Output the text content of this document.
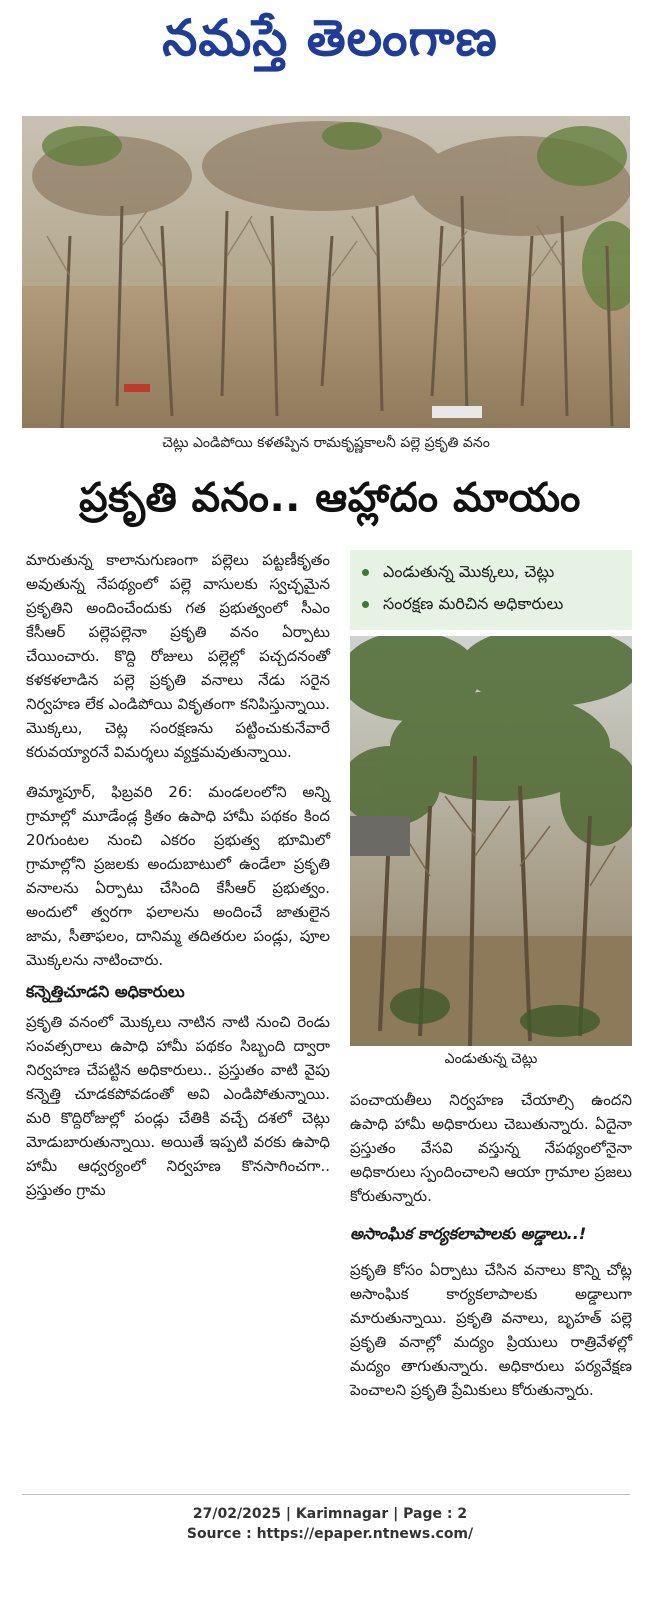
నమస్తే తెలంగాణ
చెట్లు ఎండిపోయి కళతప్పిన రామకృష్ణకాలనీ పల్లె ప్రకృతి వనం
ప్రకృతి వనం.. ఆహ్లాదం మాయం

మారుతున్న కాలానుగుణంగా పల్లెలు పట్టణీకృతం అవుతున్న నేపథ్యంలో పల్లె వాసులకు స్వచ్ఛమైన ప్రకృతిని అందించేందుకు గత ప్రభుత్వంలో సీఎం కేసీఆర్ పల్లెపల్లెనా ప్రకృతి వనం ఏర్పాటు చేయించారు. కొద్ది రోజులు పల్లెల్లో పచ్చదనంతో కళకళలాడిన పల్లె ప్రకృతి వనాలు నేడు సరైన నిర్వహణ లేక ఎండిపోయి వికృతంగా కనిపిస్తున్నాయి. మొక్కలు, చెట్ల సంరక్షణను పట్టించుకునేవారే కరువయ్యారనే విమర్శలు వ్యక్తమవుతున్నాయి.

తిమ్మాపూర్, ఫిబ్రవరి 26: మండలంలోని అన్ని గ్రామాల్లో మూడేండ్ల క్రితం ఉపాధి హామీ పథకం కింద 20గుంటల నుంచి ఎకరం ప్రభుత్వ భూమిలో గ్రామాల్లోని ప్రజలకు అందుబాటులో ఉండేలా ప్రకృతి వనాలను ఏర్పాటు చేసింది కేసీఆర్ ప్రభుత్వం. అందులో త్వరగా ఫలాలను అందించే జాతులైన జామ, సీతాఫలం, దానిమ్మ తదితరుల పండ్లు, పూల మొక్కలను నాటించారు.

కన్నెత్తిచూడని అధికారులు

ప్రకృతి వనంలో మొక్కలు నాటిన నాటి నుంచి రెండు సంవత్సరాలు ఉపాధి హామీ పథకం సిబ్బంది ద్వారా నిర్వహణ చేపట్టిన అధికారులు.. ప్రస్తుతం వాటి వైపు కన్నెత్తి చూడకపోవడంతో అవి ఎండిపోతున్నాయి. మరి కొద్దిరోజుల్లో పండ్లు చేతికి వచ్చే దశలో చెట్లు మోడుబారుతున్నాయి. అయితే ఇప్పటి వరకు ఉపాధి హామీ ఆధ్వర్యంలో నిర్వహణ కొనసాగించగా.. ప్రస్తుతం గ్రామ

ఎండుతున్న మొక్కలు, చెట్లు
సంరక్షణ మరిచిన అధికారులు
ఎండుతున్న చెట్లు

పంచాయతీలు నిర్వహణ చేయాల్సి ఉందని ఉపాధి హామీ అధికారులు చెబుతున్నారు. ఏదైనా ప్రస్తుతం వేసవి వస్తున్న నేపథ్యంలోనైనా అధికారులు స్పందించాలని ఆయా గ్రామాల ప్రజలు కోరుతున్నారు.

అసాంఘిక కార్యకలాపాలకు అడ్డాలు..!

ప్రకృతి కోసం ఏర్పాటు చేసిన వనాలు కొన్ని చోట్ల అసాంఘిక కార్యకలాపాలకు అడ్డాలుగా మారుతున్నాయి. ప్రకృతి వనాలు, బృహత్ పల్లె ప్రకృతి వనాల్లో మద్యం ప్రియులు రాత్రివేళల్లో మద్యం తాగుతున్నారు. అధికారులు పర్యవేక్షణ పెంచాలని ప్రకృతి ప్రేమికులు కోరుతున్నారు.

27/02/2025 | Karimnagar | Page : 2
Source : https://epaper.ntnews.com/
